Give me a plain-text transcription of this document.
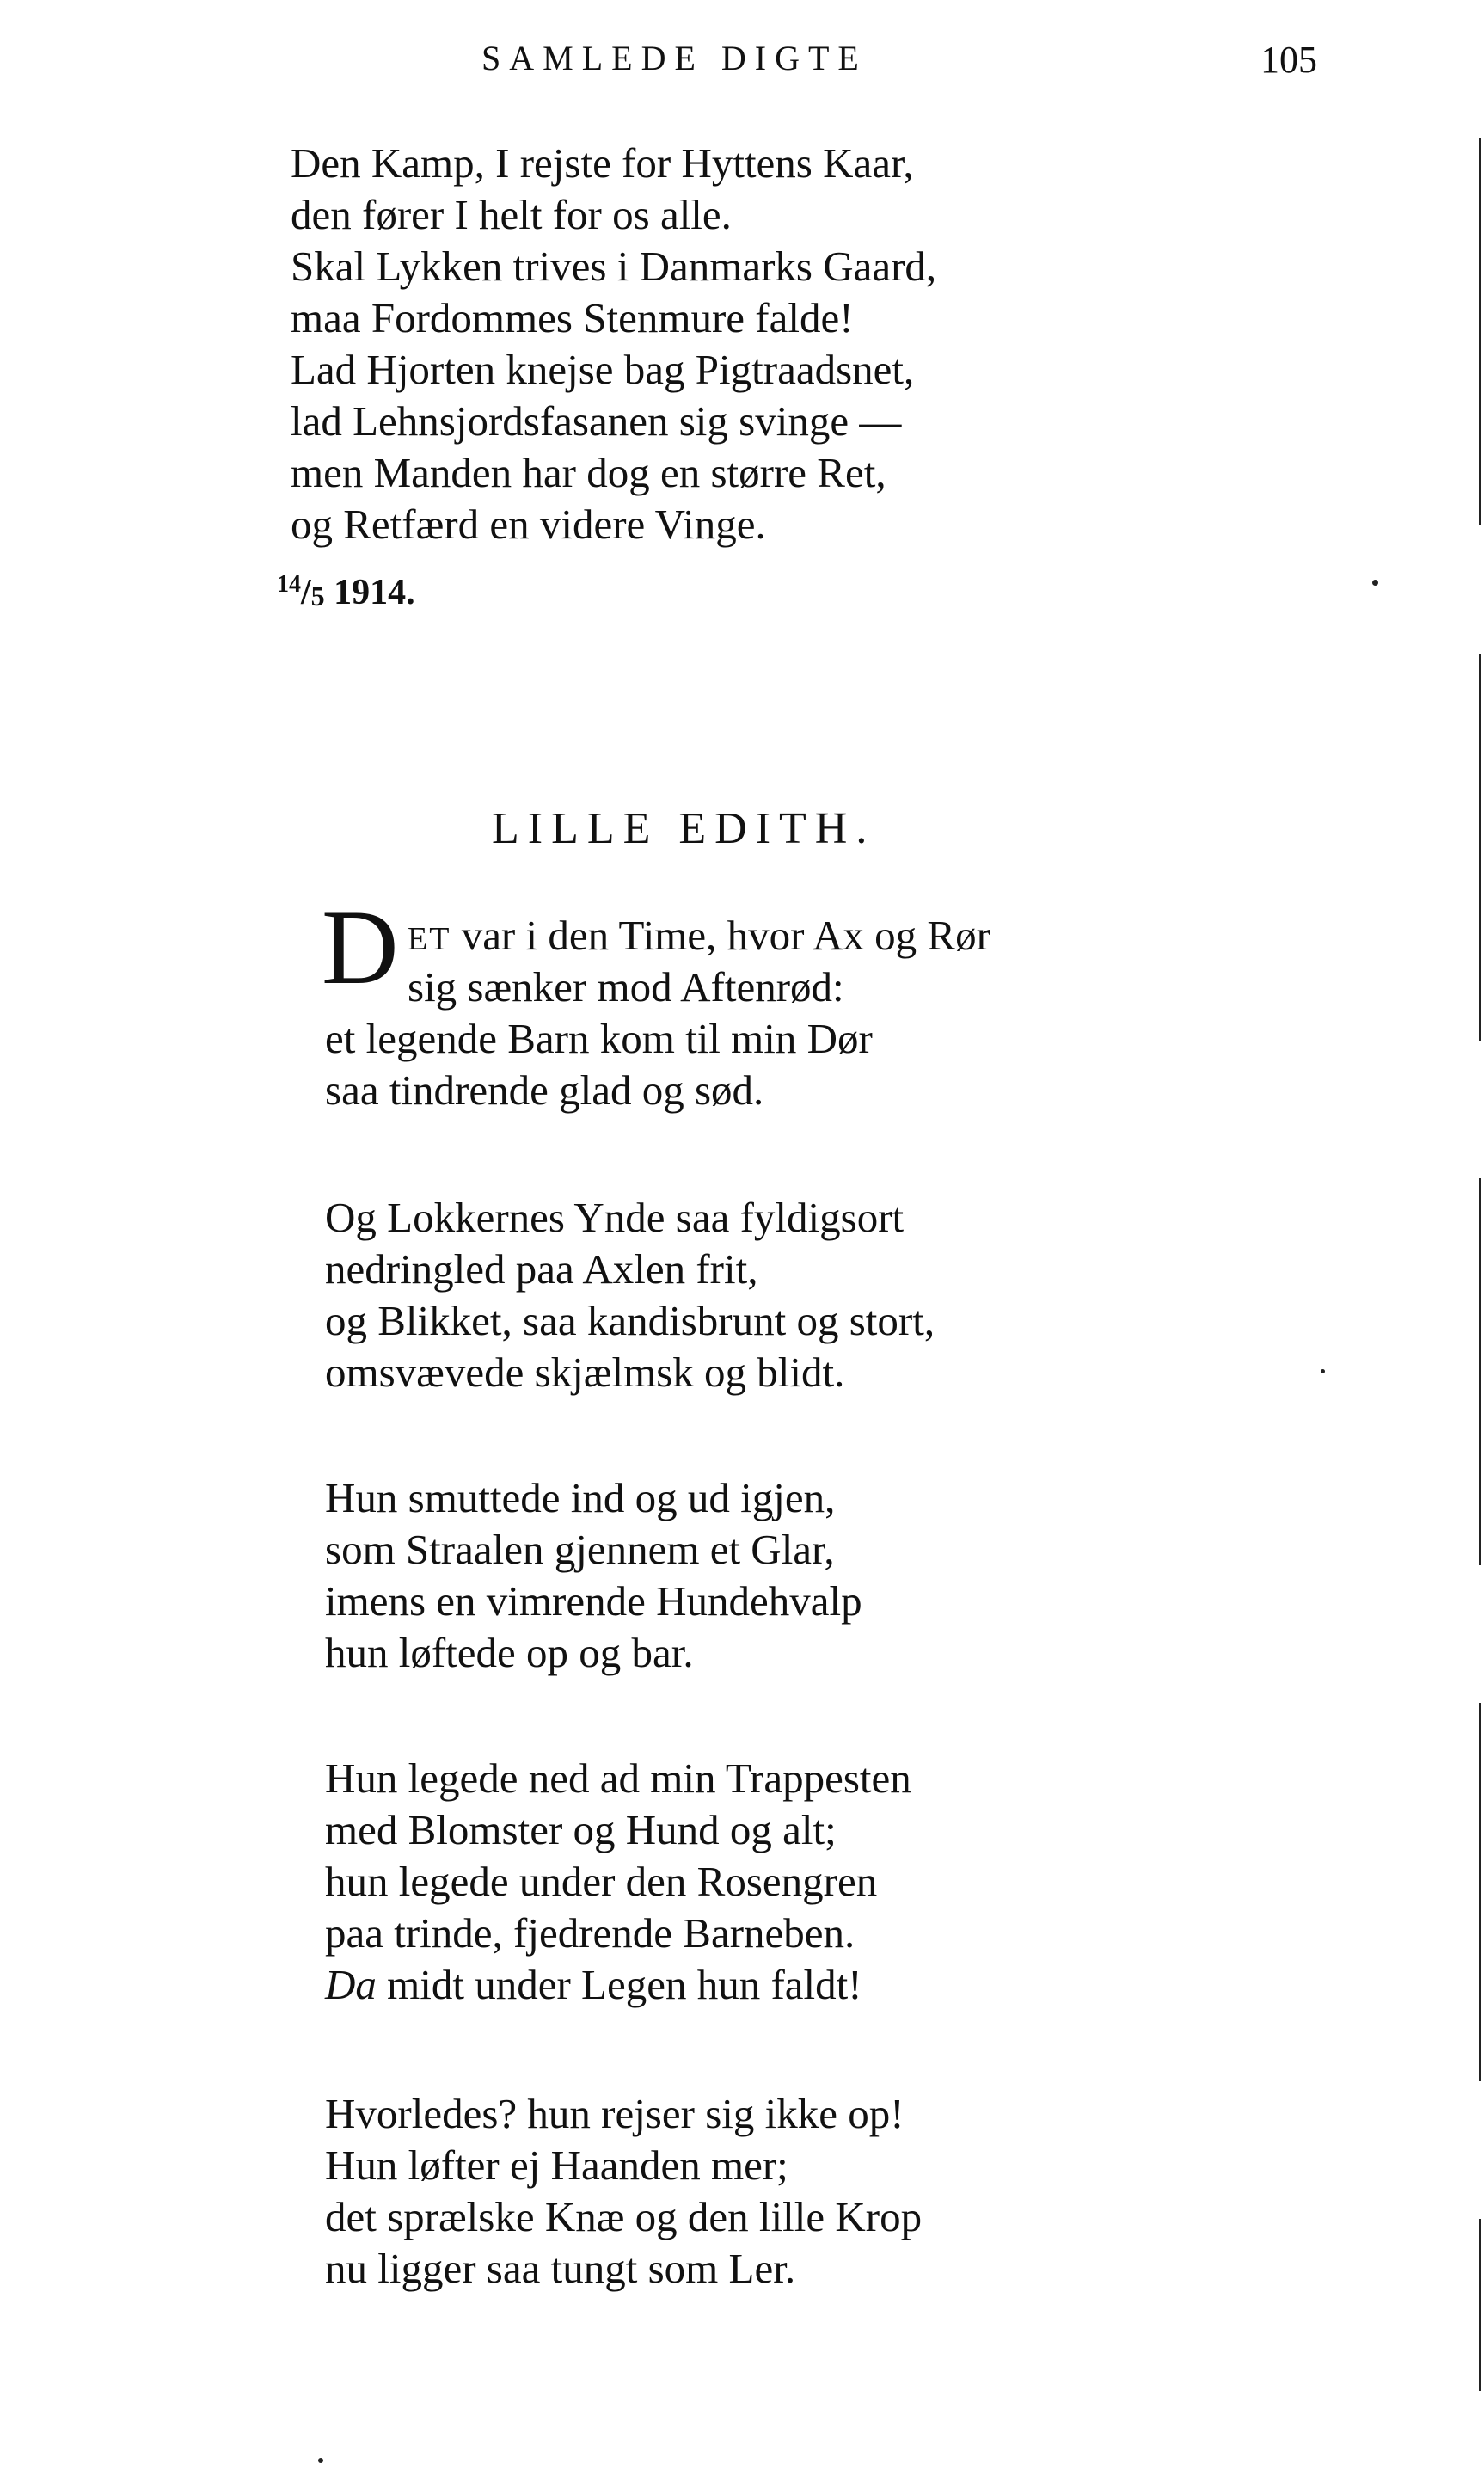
SAMLEDE DIGTE	105
Den Kamp, I rejste for Hyttens Kaar,
den fører I helt for os alle.
Skal Lykken trives i Danmarks Gaard,
maa Fordommes Stenmure falde!
Lad Hjorten knejse bag Pigtraadsnet,
lad Lehnsjordsfasanen sig svinge —
men Manden har dog en større Ret,
og Retfærd en videre Vinge.
$^{14}$/5 1914.
LILLE EDITH.
D ET var i den Time, hvor Ax og Rør
sig sænker mod Aftenrød:
et legende Barn kom til min Dør
saa tindrende glad og sød.
Og Lokkernes Ynde saa fyldigsort
nedringled paa Axlen frit,
og Blikket, saa kandisbrunt og stort,
omsvævede skjælmsk og blidt.
Hun smuttede ind og ud igjen,
som Straalen gjennem et Glar,
imens en vimrende Hundehvalp
hun løftede op og bar.
Hun legede ned ad min Trappesten
med Blomster og Hund og alt;
hun legede under den Rosengren
paa trinde, fjedrende Barneben.
Da midt under Legen hun faldt!
Hvorledes? hun rejser sig ikke op!
Hun løfter ej Haanden mer;
det sprælske Knæ og den lille Krop
nu ligger saa tungt som Ler.
